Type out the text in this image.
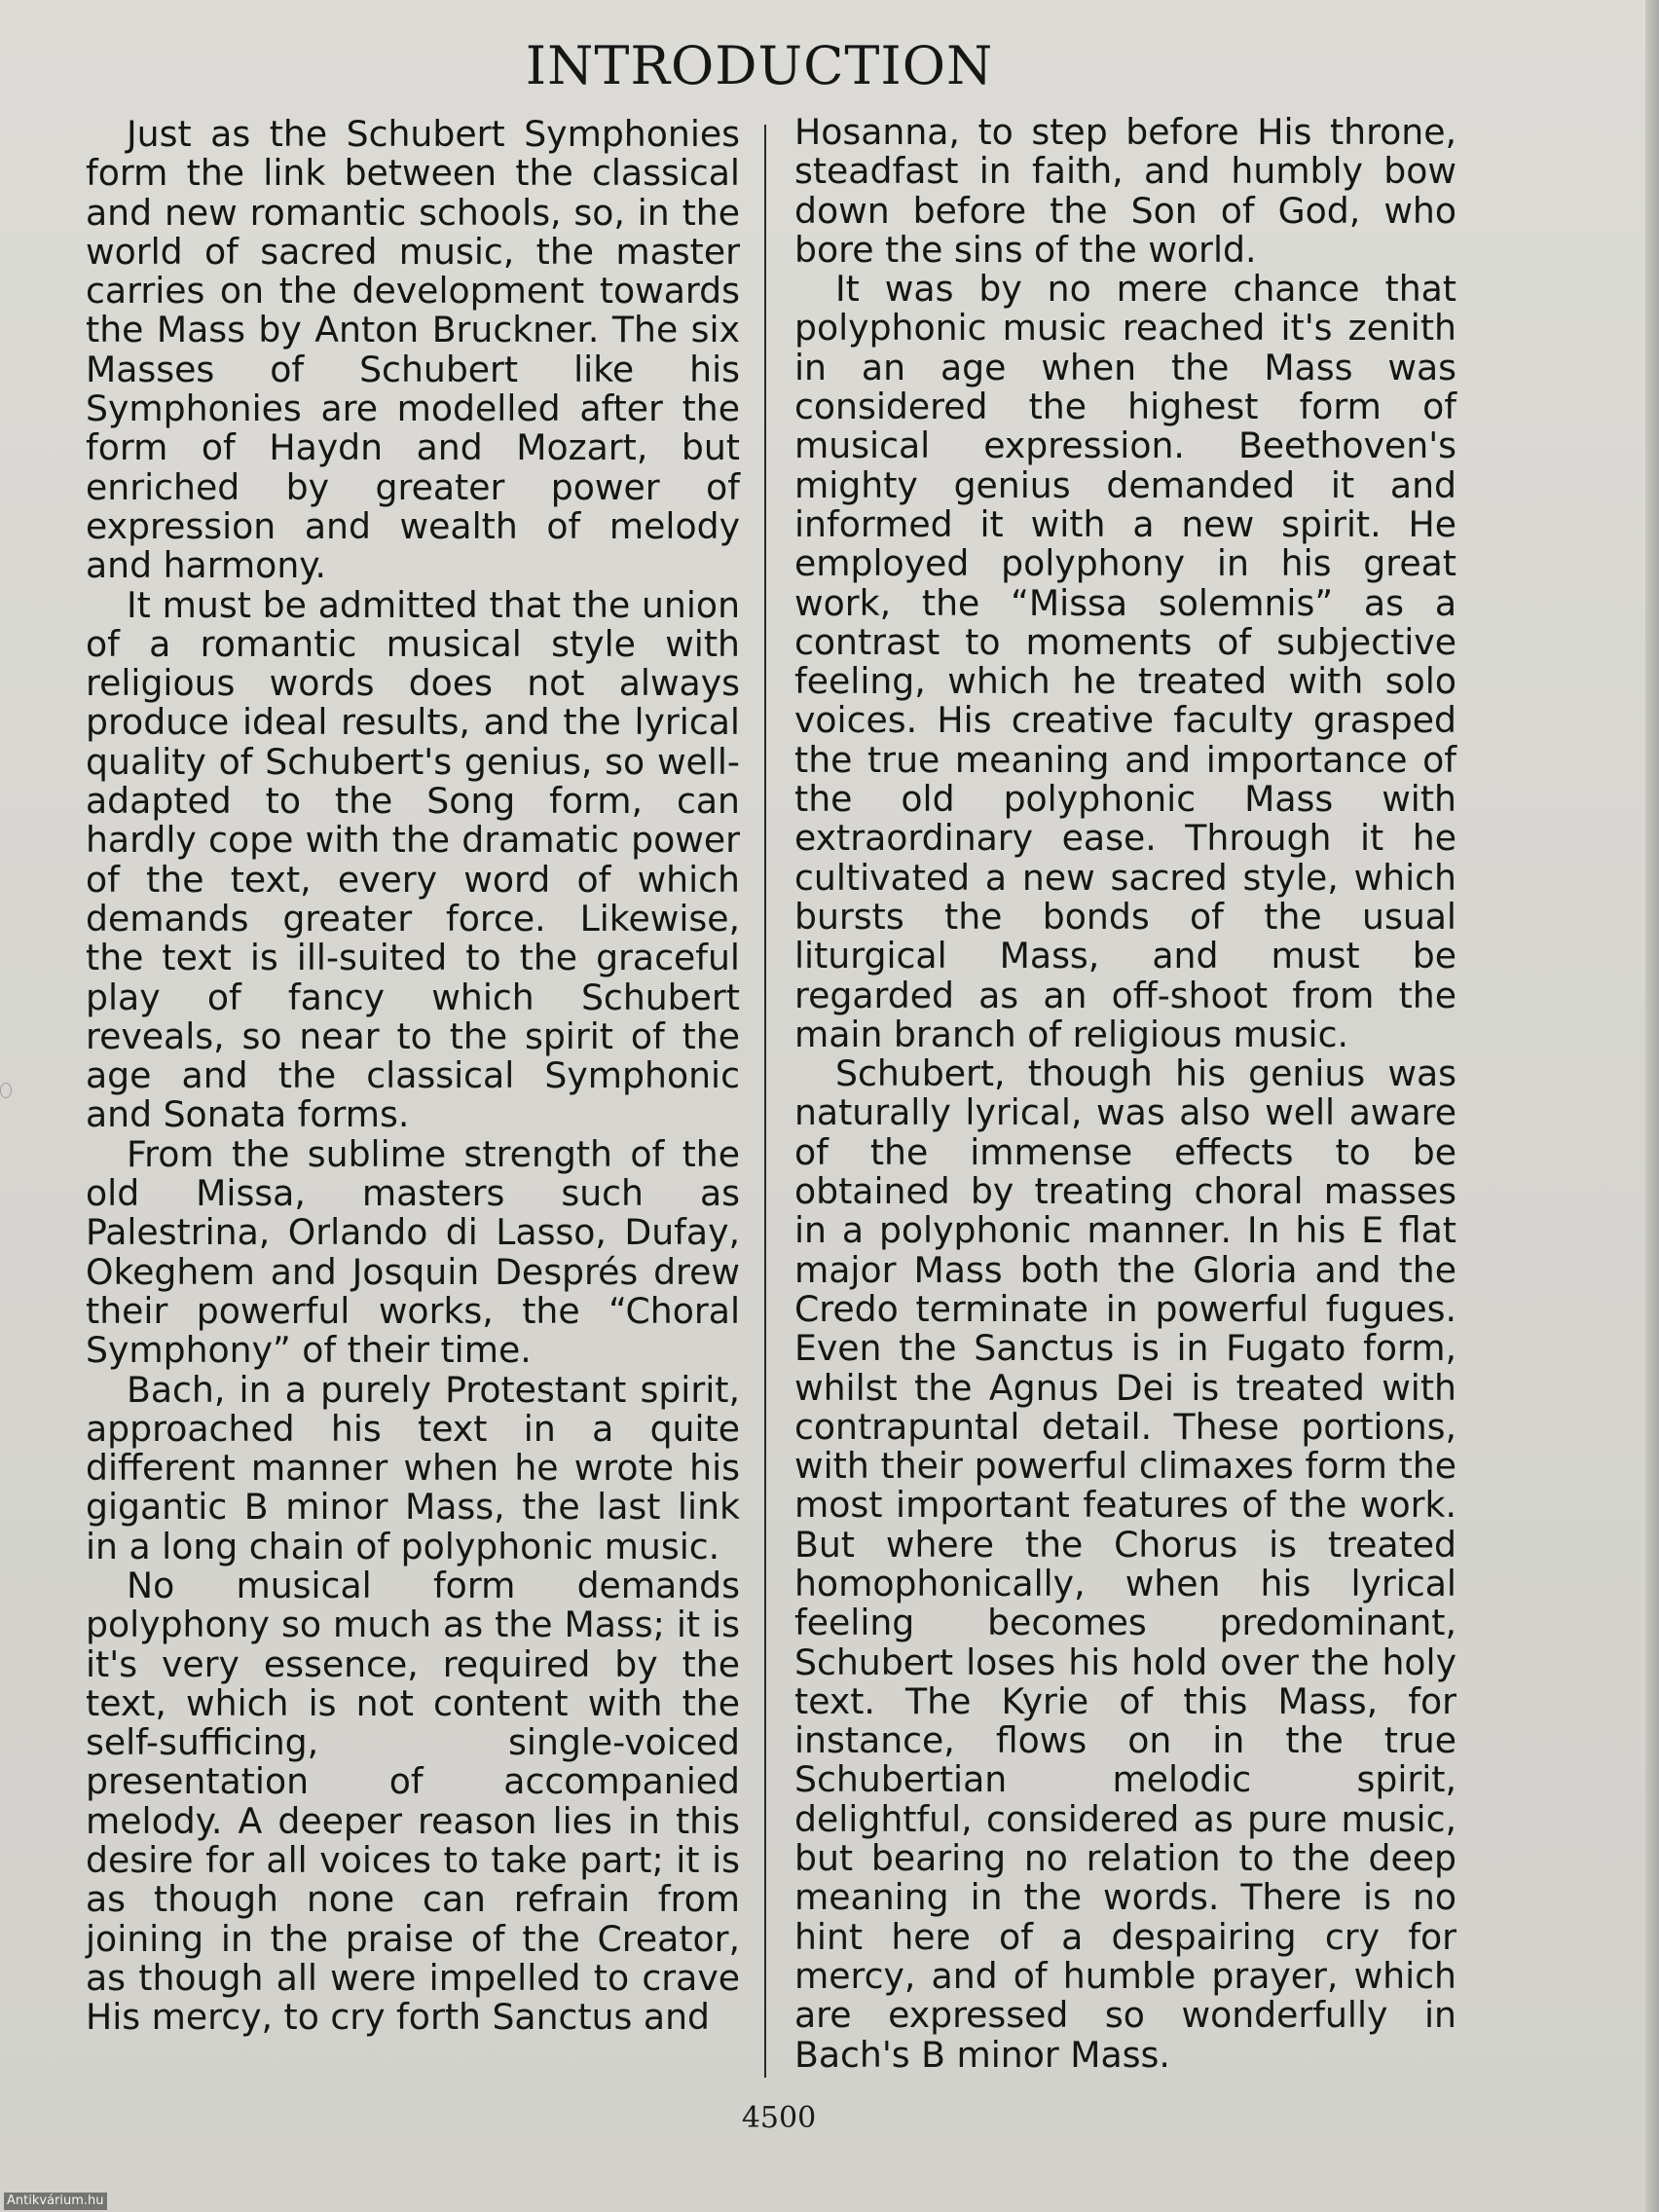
INTRODUCTION

Just as the Schubert Symphonies form the link between the classical and new romantic schools, so, in the world of sacred music, the master carries on the development towards the Mass by Anton Bruckner. The six Masses of Schubert like his Symphonies are modelled after the form of Haydn and Mozart, but enriched by greater power of expression and wealth of melody and harmony.

It must be admitted that the union of a romantic musical style with religious words does not always produce ideal results, and the lyrical quality of Schubert's genius, so well-adapted to the Song form, can hardly cope with the dramatic power of the text, every word of which demands greater force. Likewise, the text is ill-suited to the graceful play of fancy which Schubert reveals, so near to the spirit of the age and the classical Symphonic and Sonata forms.

From the sublime strength of the old Missa, masters such as Palestrina, Orlando di Lasso, Dufay, Okeghem and Josquin Després drew their powerful works, the “Choral Symphony” of their time.

Bach, in a purely Protestant spirit, approached his text in a quite different manner when he wrote his gigantic B minor Mass, the last link in a long chain of polyphonic music.

No musical form demands polyphony so much as the Mass; it is it's very essence, required by the text, which is not content with the self-sufficing, single-voiced presentation of accompanied melody. A deeper reason lies in this desire for all voices to take part; it is as though none can refrain from joining in the praise of the Creator, as though all were impelled to crave His mercy, to cry forth Sanctus and

Hosanna, to step before His throne, steadfast in faith, and humbly bow down before the Son of God, who bore the sins of the world.

It was by no mere chance that polyphonic music reached it's zenith in an age when the Mass was considered the highest form of musical expression. Beethoven's mighty genius demanded it and informed it with a new spirit. He employed polyphony in his great work, the “Missa solemnis” as a contrast to moments of subjective feeling, which he treated with solo voices. His creative faculty grasped the true meaning and importance of the old polyphonic Mass with extraordinary ease. Through it he cultivated a new sacred style, which bursts the bonds of the usual liturgical Mass, and must be regarded as an off-shoot from the main branch of religious music.

Schubert, though his genius was naturally lyrical, was also well aware of the immense effects to be obtained by treating choral masses in a polyphonic manner. In his E flat major Mass both the Gloria and the Credo terminate in powerful fugues. Even the Sanctus is in Fugato form, whilst the Agnus Dei is treated with contrapuntal detail. These portions, with their powerful climaxes form the most important features of the work. But where the Chorus is treated homophonically, when his lyrical feeling becomes predominant, Schubert loses his hold over the holy text. The Kyrie of this Mass, for instance, flows on in the true Schubertian melodic spirit, delightful, considered as pure music, but bearing no relation to the deep meaning in the words. There is no hint here of a despairing cry for mercy, and of humble prayer, which are expressed so wonderfully in Bach's B minor Mass.

4500
Antikvárium.hu
